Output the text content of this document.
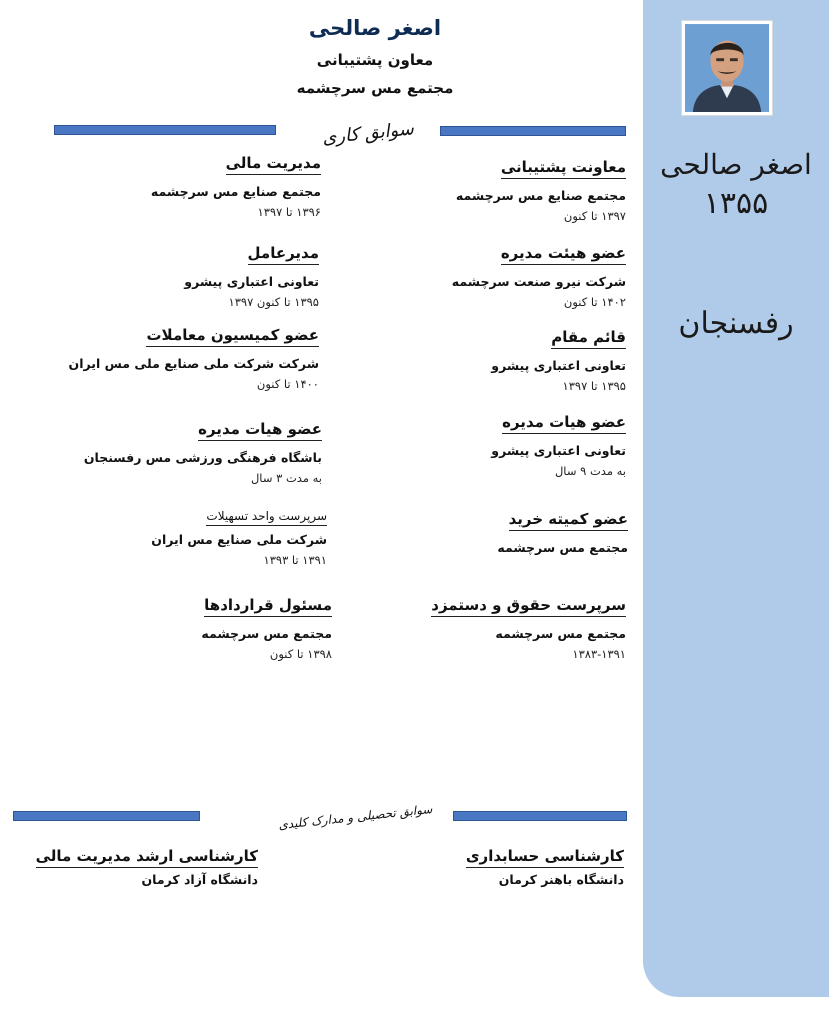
اصغر صالحی
۱۳۵۵
رفسنجان
اصغر صالحی
معاون پشتیبانی
مجتمع مس سرچشمه
سوابق کاری
معاونت پشتیبانی
مجتمع صنایع مس سرچشمه
۱۳۹۷ تا کنون
عضو هیئت مدیره
شرکت نیرو صنعت سرچشمه
۱۴۰۲ تا کنون
قائم مقام
تعاونی اعتباری پیشرو
۱۳۹۵ تا ۱۳۹۷
عضو هیات مدیره
تعاونی اعتباری پیشرو
به مدت ۹ سال
عضو کمیته خرید
مجتمع مس سرچشمه
سرپرست حقوق و دستمزد
مجتمع مس سرچشمه
۱۳۸۳-۱۳۹۱
مدیریت مالی
مجتمع صنایع مس سرچشمه
۱۳۹۶ تا ۱۳۹۷
مدیرعامل
تعاونی اعتباری پیشرو
۱۳۹۵ تا کنون ۱۳۹۷
عضو کمیسیون معاملات
شرکت شرکت ملی صنایع ملی مس ایران
۱۴۰۰ تا کنون
عضو هیات مدیره
باشگاه فرهنگی ورزشی مس رفسنجان
به مدت ۳ سال
سرپرست واحد تسهیلات
شرکت ملی صنایع مس ایران
۱۳۹۱ تا ۱۳۹۳
مسئول قراردادها
مجتمع مس سرچشمه
۱۳۹۸ تا کنون
سوابق تحصیلی و مدارک کلیدی
کارشناسی حسابداری
دانشگاه باهنر کرمان
کارشناسی ارشد مدیریت مالی
دانشگاه آزاد کرمان
